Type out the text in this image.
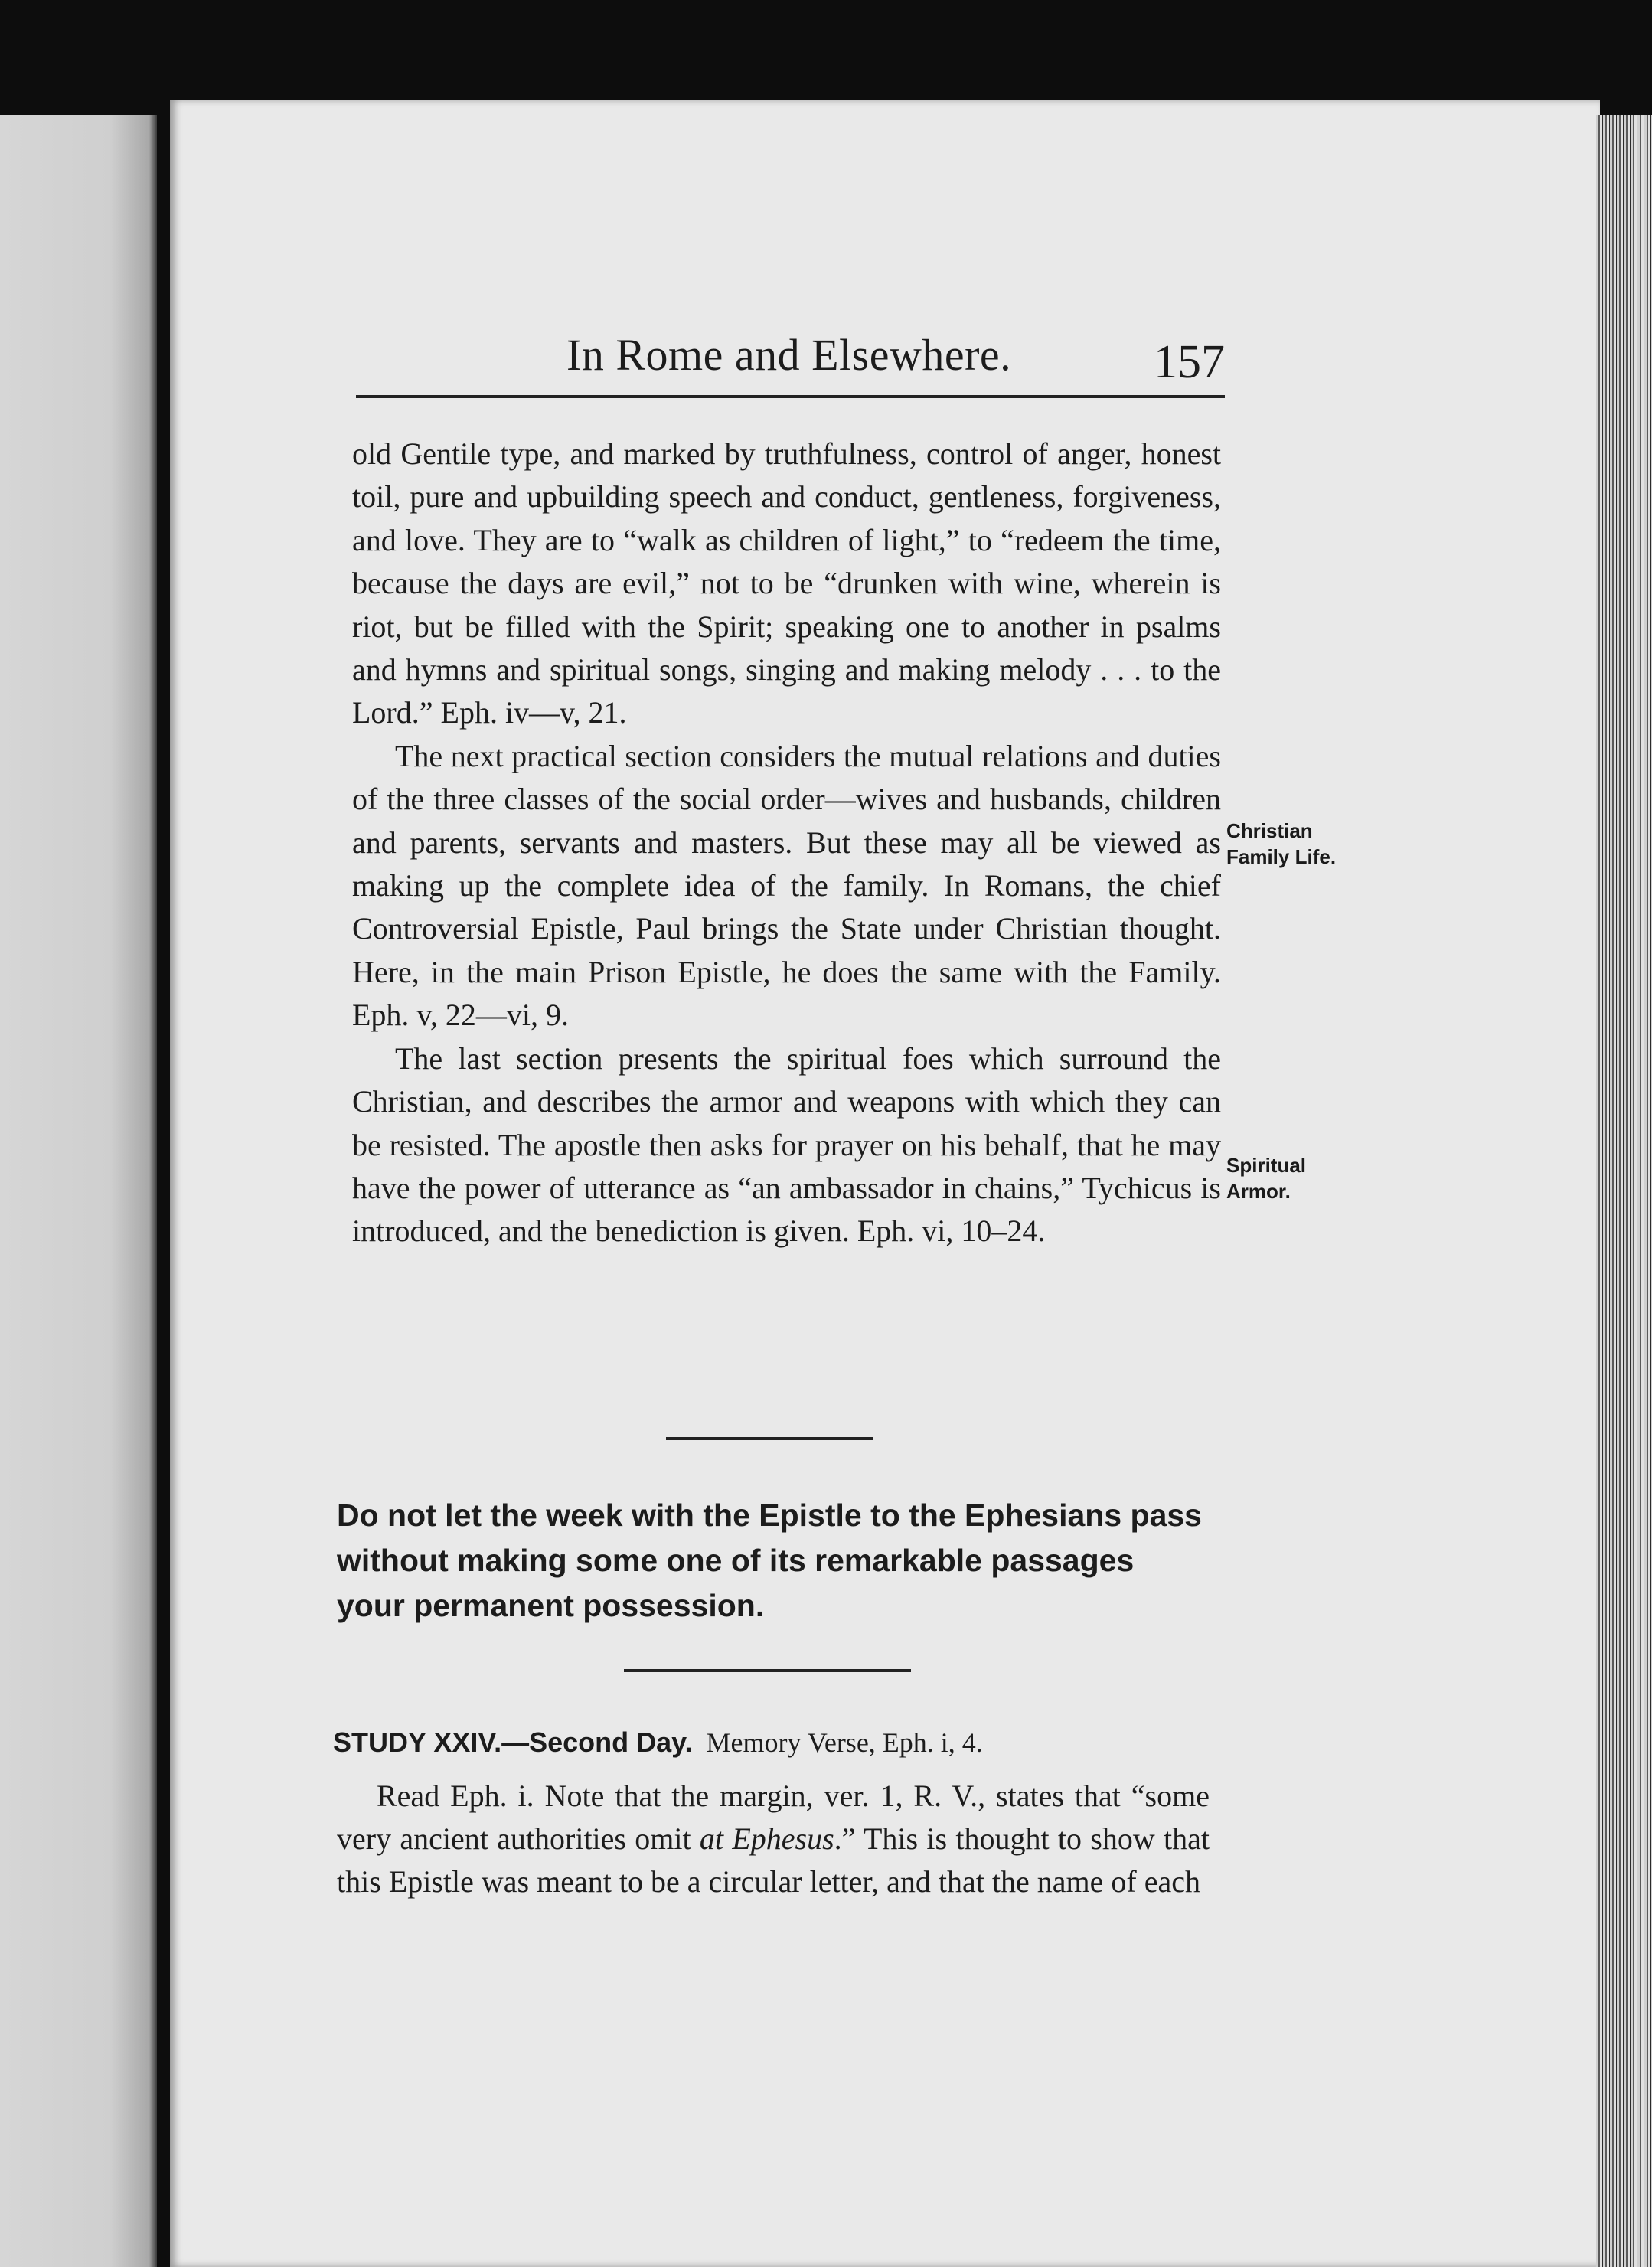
In Rome and Elsewhere.	157

old Gentile type, and marked by truthfulness, control of anger, honest toil, pure and upbuilding speech and conduct, gentleness, forgiveness, and love. They are to “walk as children of light,” to “redeem the time, because the days are evil,” not to be “drunken with wine, wherein is riot, but be filled with the Spirit; speaking one to another in psalms and hymns and spiritual songs, singing and making melody . . . to the Lord.” Eph. iv—v, 21.

The next practical section considers the mutual relations and duties of the three classes of the social order—wives and husbands, children and parents, servants and masters. But these may all be viewed as making up the complete idea of the family. In Romans, the chief Controversial Epistle, Paul brings the State under Christian thought. Here, in the main Prison Epistle, he does the same with the Family. Eph. v, 22—vi, 9.

The last section presents the spiritual foes which surround the Christian, and describes the armor and weapons with which they can be resisted. The apostle then asks for prayer on his behalf, that he may have the power of utterance as “an ambassador in chains,” Tychicus is introduced, and the benediction is given. Eph. vi, 10–24.

Christian
Family Life.
Spiritual
Armor.
Do not let the week with the Epistle to the Ephesians pass without making some one of its remarkable passages your permanent possession.
STUDY XXIV.—Second Day. Memory Verse, Eph. i, 4.

Read Eph. i. Note that the margin, ver. 1, R. V., states that “some very ancient authorities omit at Ephesus.” This is thought to show that this Epistle was meant to be a circular letter, and that the name of each
